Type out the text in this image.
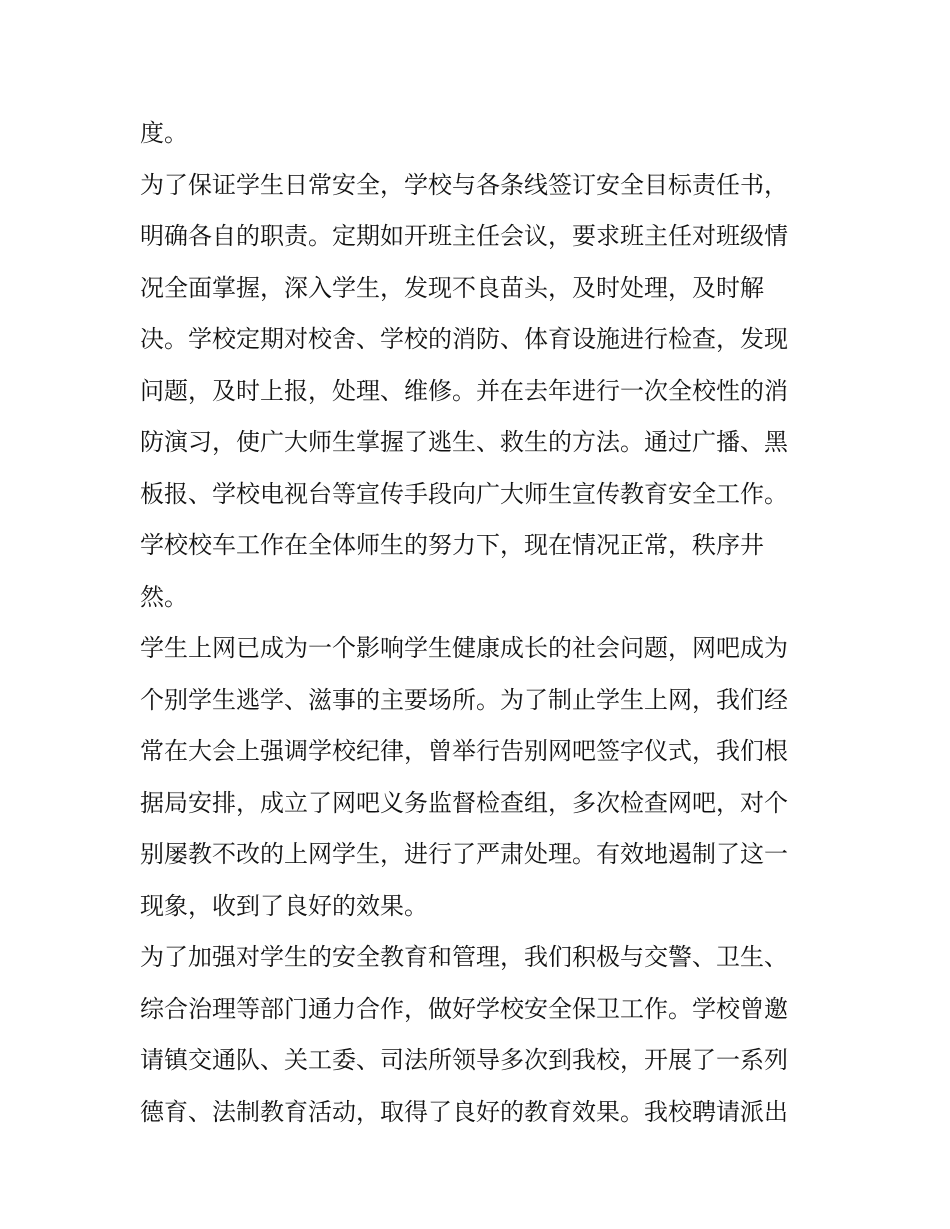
度。
为了保证学生日常安全，学校与各条线签订安全目标责任书，
明确各自的职责。定期如开班主任会议，要求班主任对班级情
况全面掌握，深入学生，发现不良苗头，及时处理，及时解
决。学校定期对校舍、学校的消防、体育设施进行检查，发现
问题，及时上报，处理、维修。并在去年进行一次全校性的消
防演习，使广大师生掌握了逃生、救生的方法。通过广播、黑
板报、学校电视台等宣传手段向广大师生宣传教育安全工作。
学校校车工作在全体师生的努力下，现在情况正常，秩序井
然。
学生上网已成为一个影响学生健康成长的社会问题，网吧成为
个别学生逃学、滋事的主要场所。为了制止学生上网，我们经
常在大会上强调学校纪律，曾举行告别网吧签字仪式，我们根
据局安排，成立了网吧义务监督检查组，多次检查网吧，对个
别屡教不改的上网学生，进行了严肃处理。有效地遏制了这一
现象，收到了良好的效果。
为了加强对学生的安全教育和管理，我们积极与交警、卫生、
综合治理等部门通力合作，做好学校安全保卫工作。学校曾邀
请镇交通队、关工委、司法所领导多次到我校，开展了一系列
德育、法制教育活动，取得了良好的教育效果。我校聘请派出
